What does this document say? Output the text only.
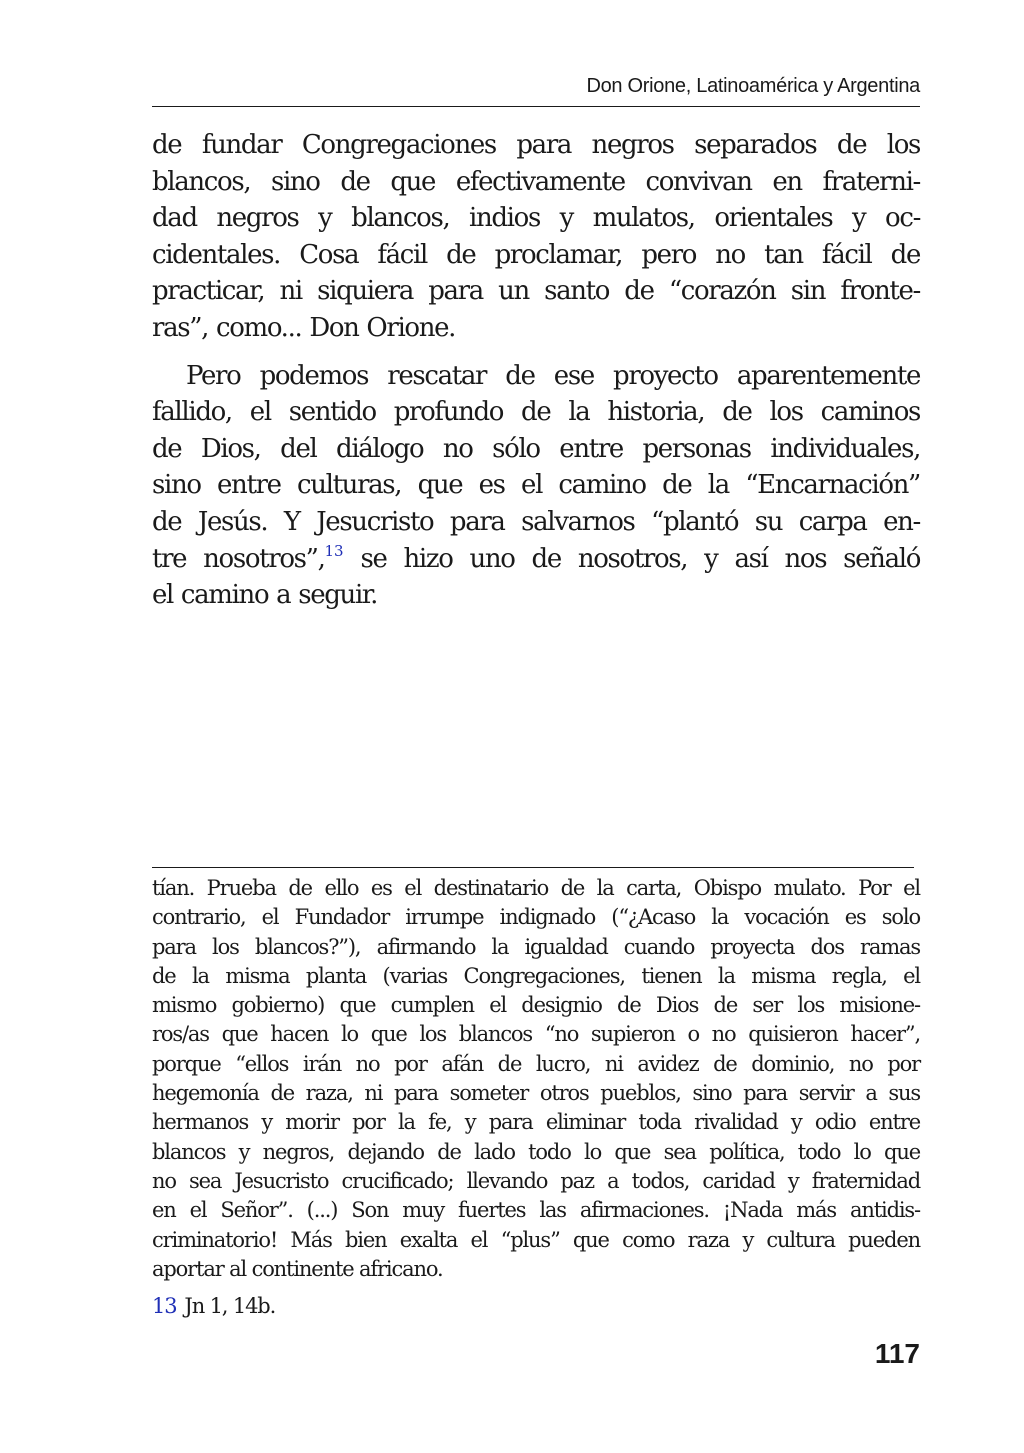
Don Orione, Latinoamérica y Argentina
de fundar Congregaciones para negros separados de los
blancos, sino de que efectivamente convivan en fraterni-
dad negros y blancos, indios y mulatos, orientales y oc-
cidentales. Cosa fácil de proclamar, pero no tan fácil de
practicar, ni siquiera para un santo de “corazón sin fronte-
ras”, como... Don Orione.
Pero podemos rescatar de ese proyecto aparentemente
fallido, el sentido profundo de la historia, de los caminos
de Dios, del diálogo no sólo entre personas individuales,
sino entre culturas, que es el camino de la “Encarnación”
de Jesús. Y Jesucristo para salvarnos “plantó su carpa en-
tre nosotros”,$^{13}$ se hizo uno de nosotros, y así nos señaló
el camino a seguir.
tían. Prueba de ello es el destinatario de la carta, Obispo mulato. Por el
contrario, el Fundador irrumpe indignado (“¿Acaso la vocación es solo
para los blancos?”), afirmando la igualdad cuando proyecta dos ramas
de la misma planta (varias Congregaciones, tienen la misma regla, el
mismo gobierno) que cumplen el designio de Dios de ser los misione-
ros/as que hacen lo que los blancos “no supieron o no quisieron hacer”,
porque “ellos irán no por afán de lucro, ni avidez de dominio, no por
hegemonía de raza, ni para someter otros pueblos, sino para servir a sus
hermanos y morir por la fe, y para eliminar toda rivalidad y odio entre
blancos y negros, dejando de lado todo lo que sea política, todo lo que
no sea Jesucristo crucificado; llevando paz a todos, caridad y fraternidad
en el Señor”. (...) Son muy fuertes las afirmaciones. ¡Nada más antidis-
criminatorio! Más bien exalta el “plus” que como raza y cultura pueden
aportar al continente africano.
13 Jn 1, 14b.
117
